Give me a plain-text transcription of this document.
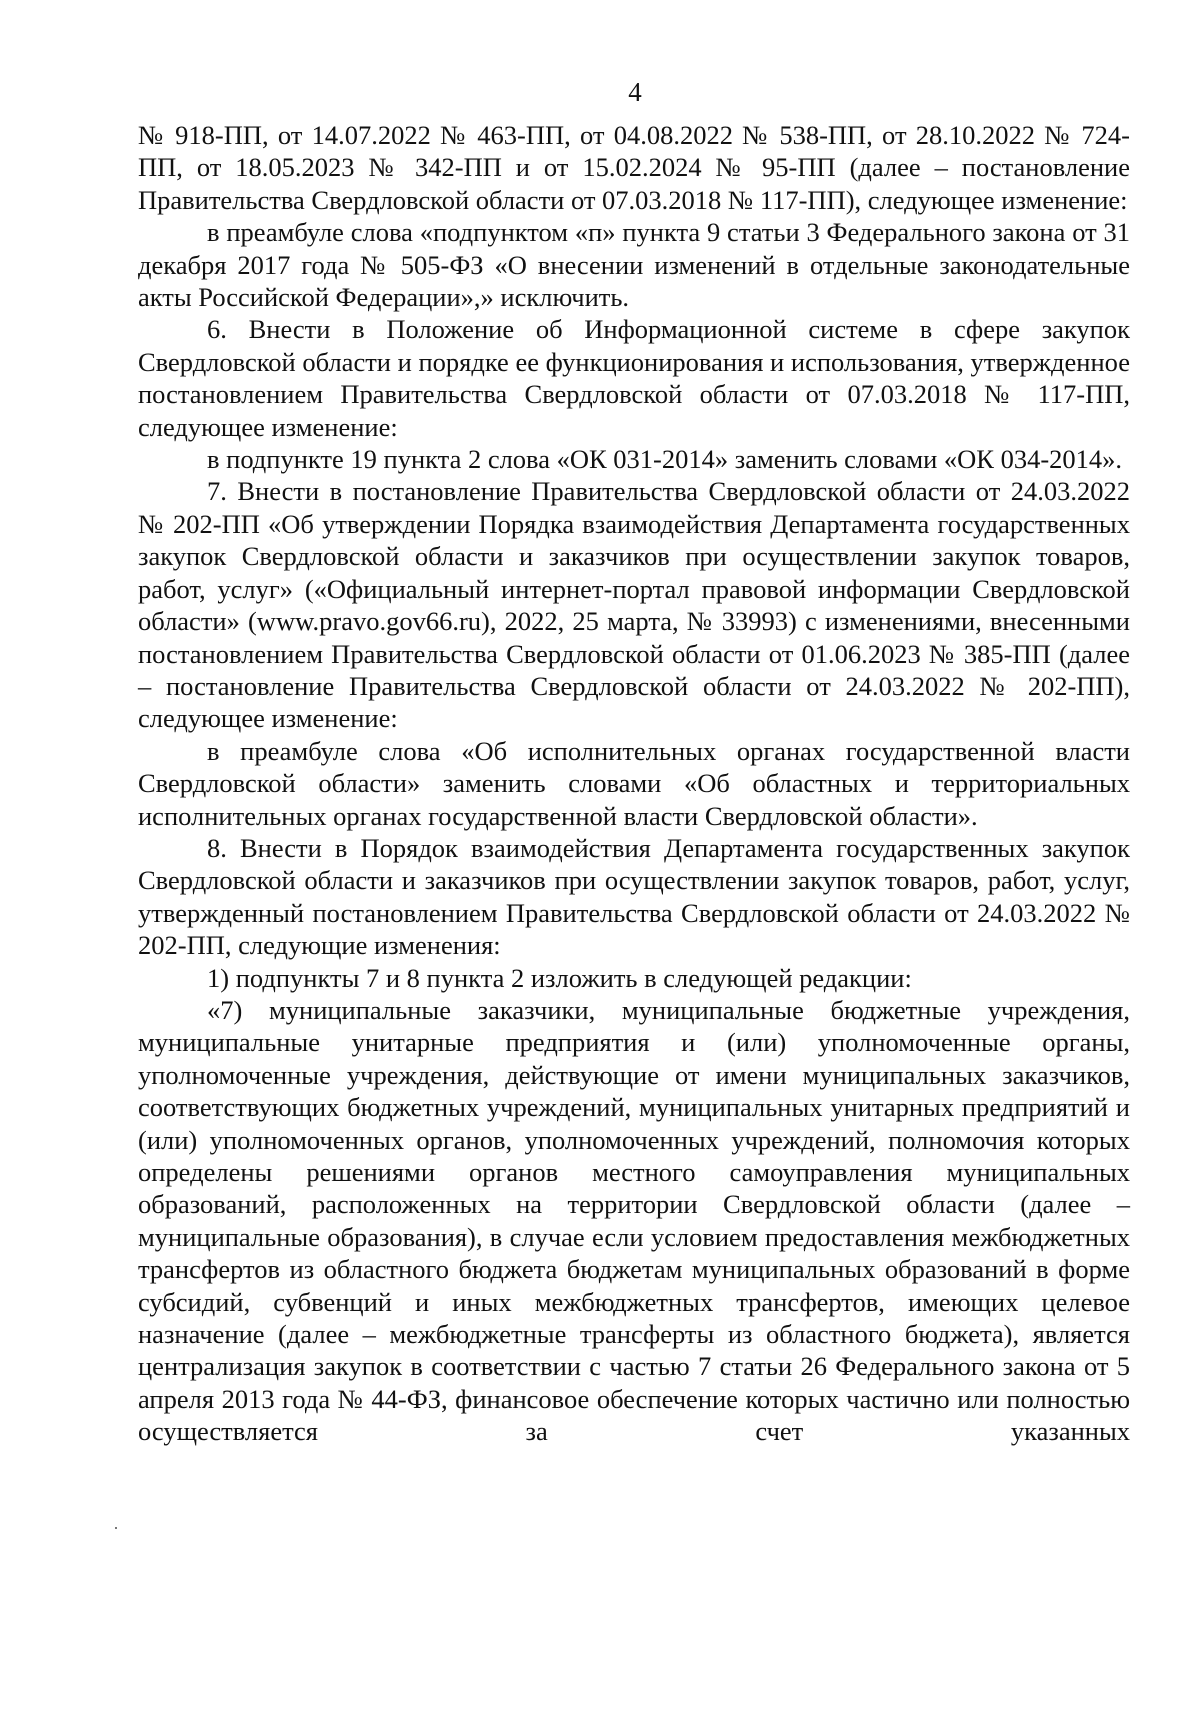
4

№ 918-ПП, от 14.07.2022 № 463-ПП, от 04.08.2022 № 538-ПП, от 28.10.2022 № 724-ПП, от 18.05.2023 № 342-ПП и от 15.02.2024 № 95-ПП (далее – постановление Правительства Свердловской области от 07.03.2018 № 117-ПП), следующее изменение:

в преамбуле слова «подпунктом «п» пункта 9 статьи 3 Федерального закона от 31 декабря 2017 года № 505-ФЗ «О внесении изменений в отдельные законодательные акты Российской Федерации»,» исключить.

6. Внести в Положение об Информационной системе в сфере закупок Свердловской области и порядке ее функционирования и использования, утвержденное постановлением Правительства Свердловской области от 07.03.2018 № 117-ПП, следующее изменение:

в подпункте 19 пункта 2 слова «ОК 031-2014» заменить словами «ОК 034-2014».

7. Внести в постановление Правительства Свердловской области от 24.03.2022 № 202-ПП «Об утверждении Порядка взаимодействия Департамента государственных закупок Свердловской области и заказчиков при осуществлении закупок товаров, работ, услуг» («Официальный интернет-портал правовой информации Свердловской области» (www.pravo.gov66.ru), 2022, 25 марта, № 33993) с изменениями, внесенными постановлением Правительства Свердловской области от 01.06.2023 № 385-ПП (далее – постановление Правительства Свердловской области от 24.03.2022 № 202-ПП), следующее изменение:

в преамбуле слова «Об исполнительных органах государственной власти Свердловской области» заменить словами «Об областных и территориальных исполнительных органах государственной власти Свердловской области».

8. Внести в Порядок взаимодействия Департамента государственных закупок Свердловской области и заказчиков при осуществлении закупок товаров, работ, услуг, утвержденный постановлением Правительства Свердловской области от 24.03.2022 № 202-ПП, следующие изменения:

1) подпункты 7 и 8 пункта 2 изложить в следующей редакции:

«7) муниципальные заказчики, муниципальные бюджетные учреждения, муниципальные унитарные предприятия и (или) уполномоченные органы, уполномоченные учреждения, действующие от имени муниципальных заказчиков, соответствующих бюджетных учреждений, муниципальных унитарных предприятий и (или) уполномоченных органов, уполномоченных учреждений, полномочия которых определены решениями органов местного самоуправления муниципальных образований, расположенных на территории Свердловской области (далее – муниципальные образования), в случае если условием предоставления межбюджетных трансфертов из областного бюджета бюджетам муниципальных образований в форме субсидий, субвенций и иных межбюджетных трансфертов, имеющих целевое назначение (далее – межбюджетные трансферты из областного бюджета), является централизация закупок в соответствии с частью 7 статьи 26 Федерального закона от 5 апреля 2013 года № 44-ФЗ, финансовое обеспечение которых частично или полностью осуществляется за счет указанных
